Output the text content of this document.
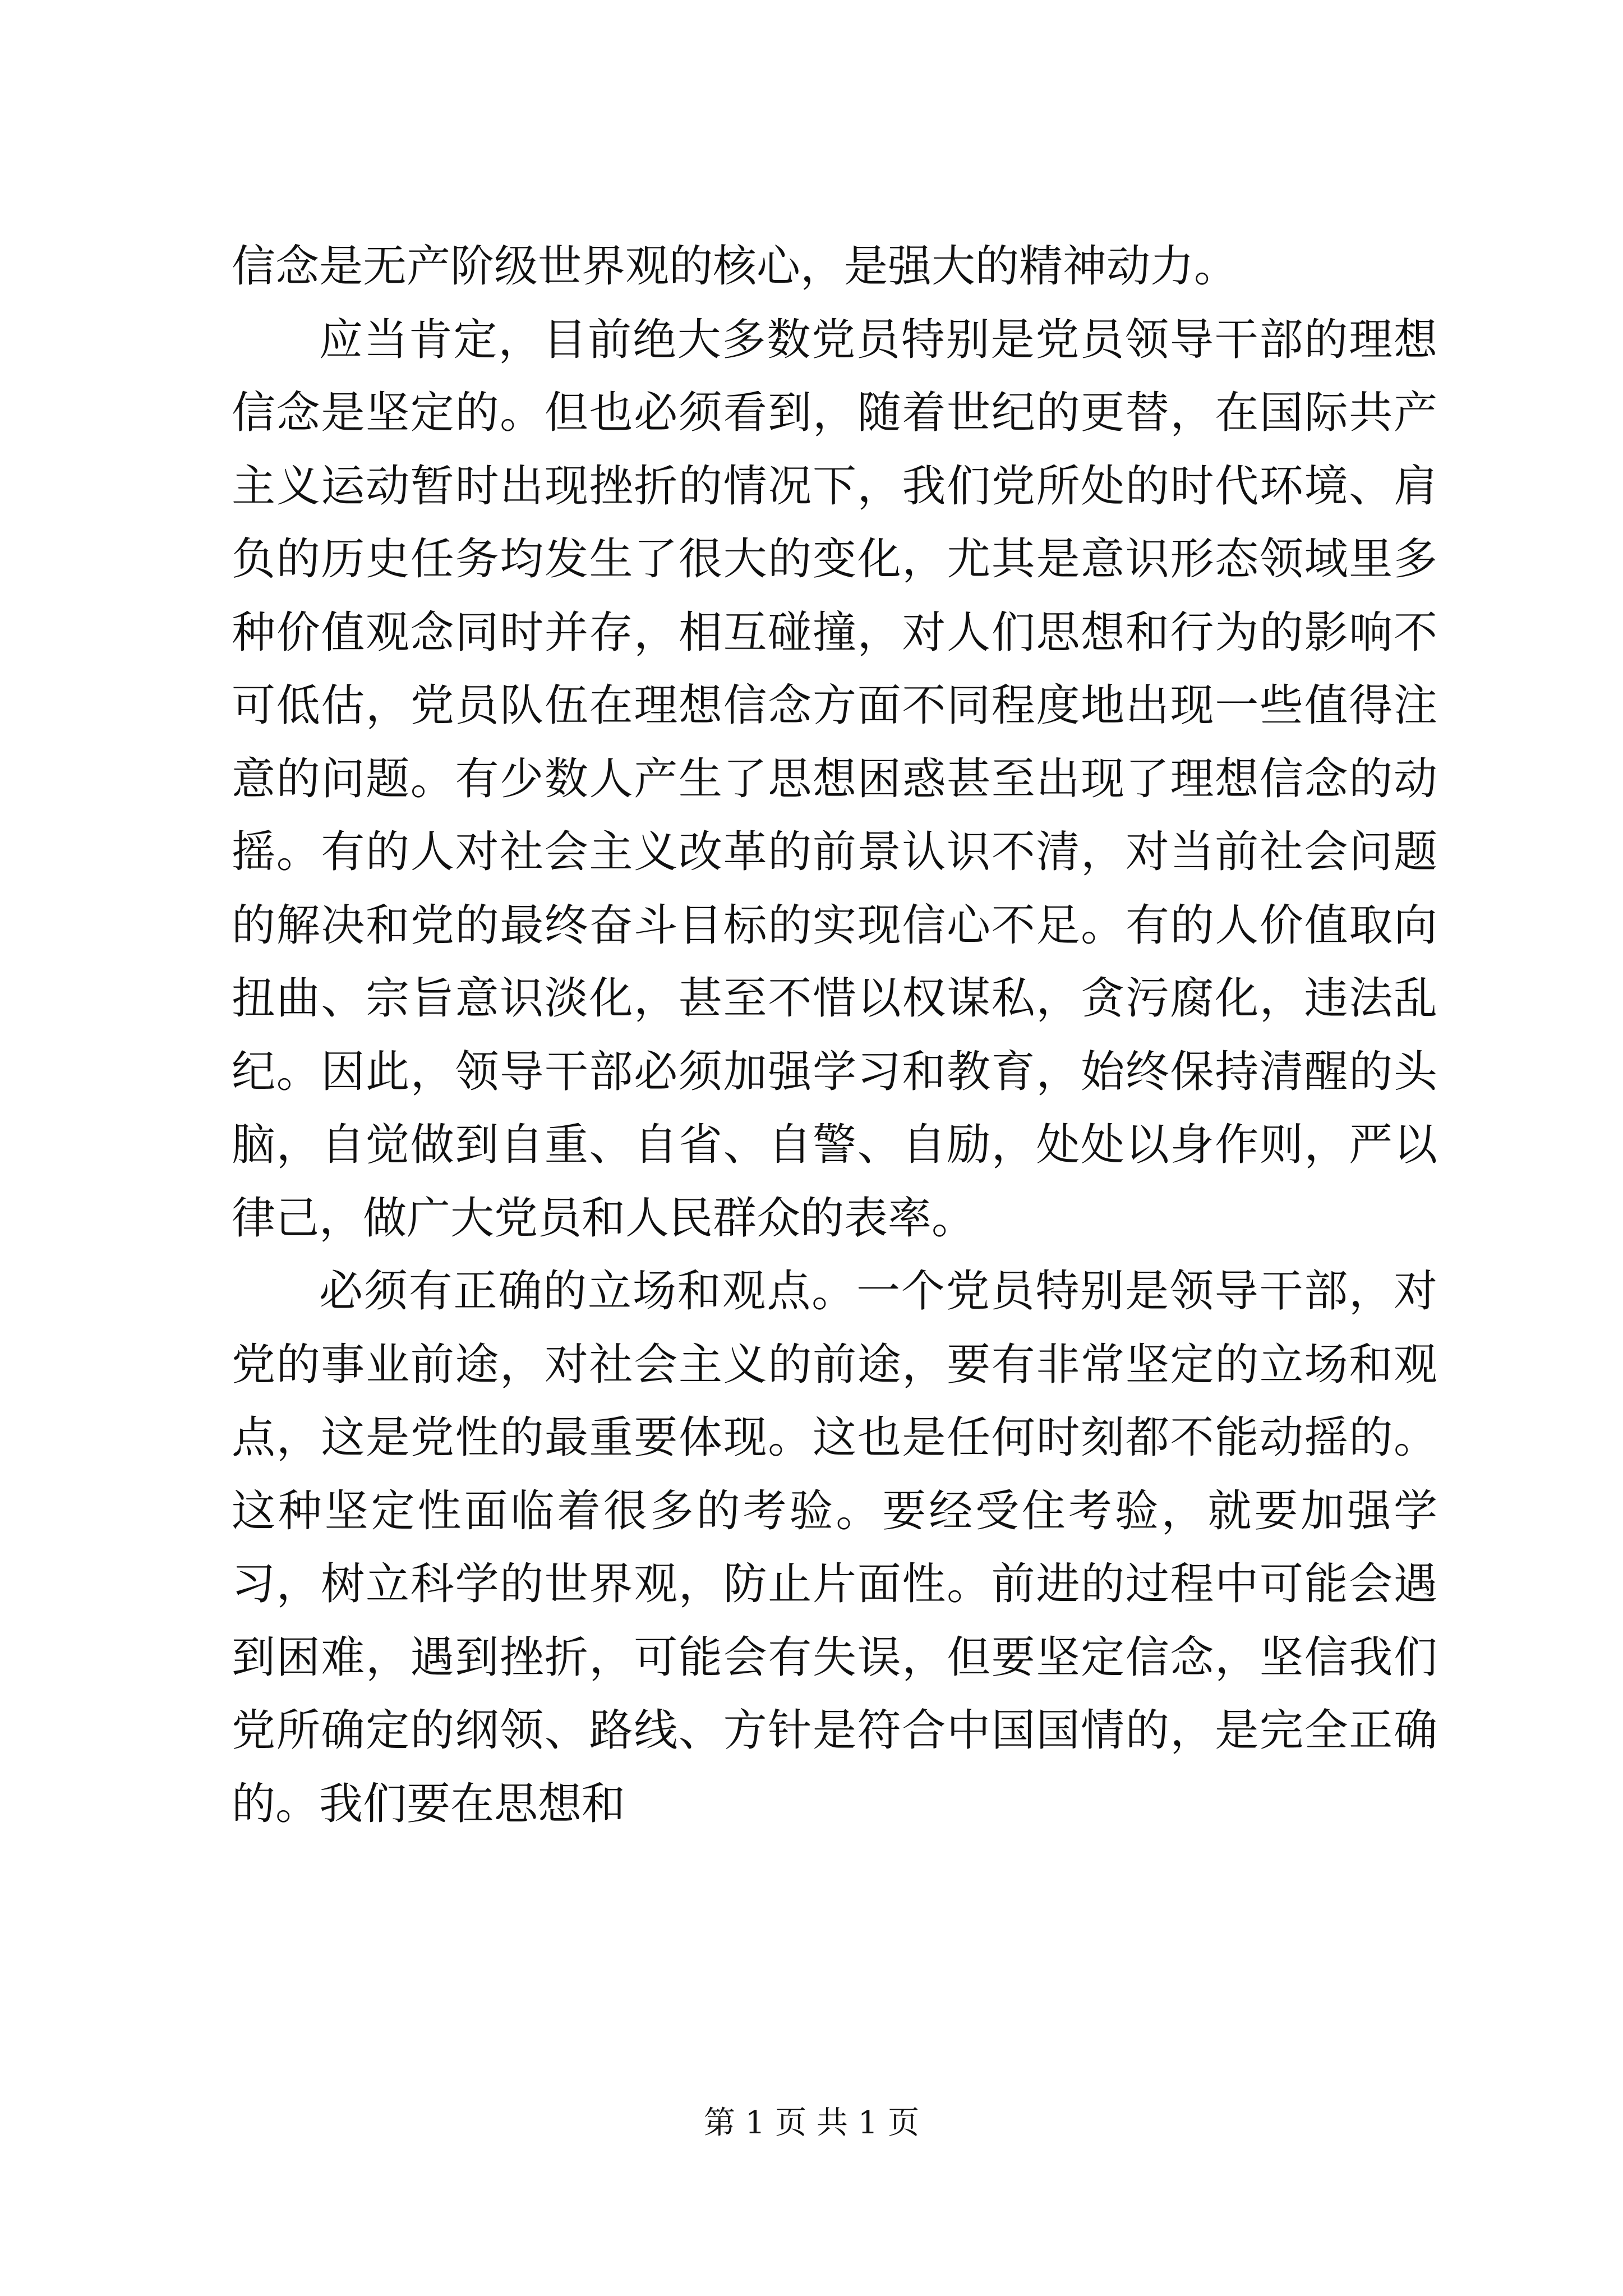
信念是无产阶级世界观的核心，是强大的精神动力。

应当肯定，目前绝大多数党员特别是党员领导干部的理想信念是坚定的。但也必须看到，随着世纪的更替，在国际共产主义运动暂时出现挫折的情况下，我们党所处的时代环境、肩负的历史任务均发生了很大的变化，尤其是意识形态领域里多种价值观念同时并存，相互碰撞，对人们思想和行为的影响不可低估，党员队伍在理想信念方面不同程度地出现一些值得注意的问题。有少数人产生了思想困惑甚至出现了理想信念的动摇。有的人对社会主义改革的前景认识不清，对当前社会问题的解决和党的最终奋斗目标的实现信心不足。有的人价值取向扭曲、宗旨意识淡化，甚至不惜以权谋私，贪污腐化，违法乱纪。因此，领导干部必须加强学习和教育，始终保持清醒的头脑，自觉做到自重、自省、自警、自励，处处以身作则，严以律己，做广大党员和人民群众的表率。

必须有正确的立场和观点。一个党员特别是领导干部，对党的事业前途，对社会主义的前途，要有非常坚定的立场和观点，这是党性的最重要体现。这也是任何时刻都不能动摇的。这种坚定性面临着很多的考验。要经受住考验，就要加强学习，树立科学的世界观，防止片面性。前进的过程中可能会遇到困难，遇到挫折，可能会有失误，但要坚定信念，坚信我们党所确定的纲领、路线、方针是符合中国国情的，是完全正确的。我们要在思想和

第 1 页 共 1 页
